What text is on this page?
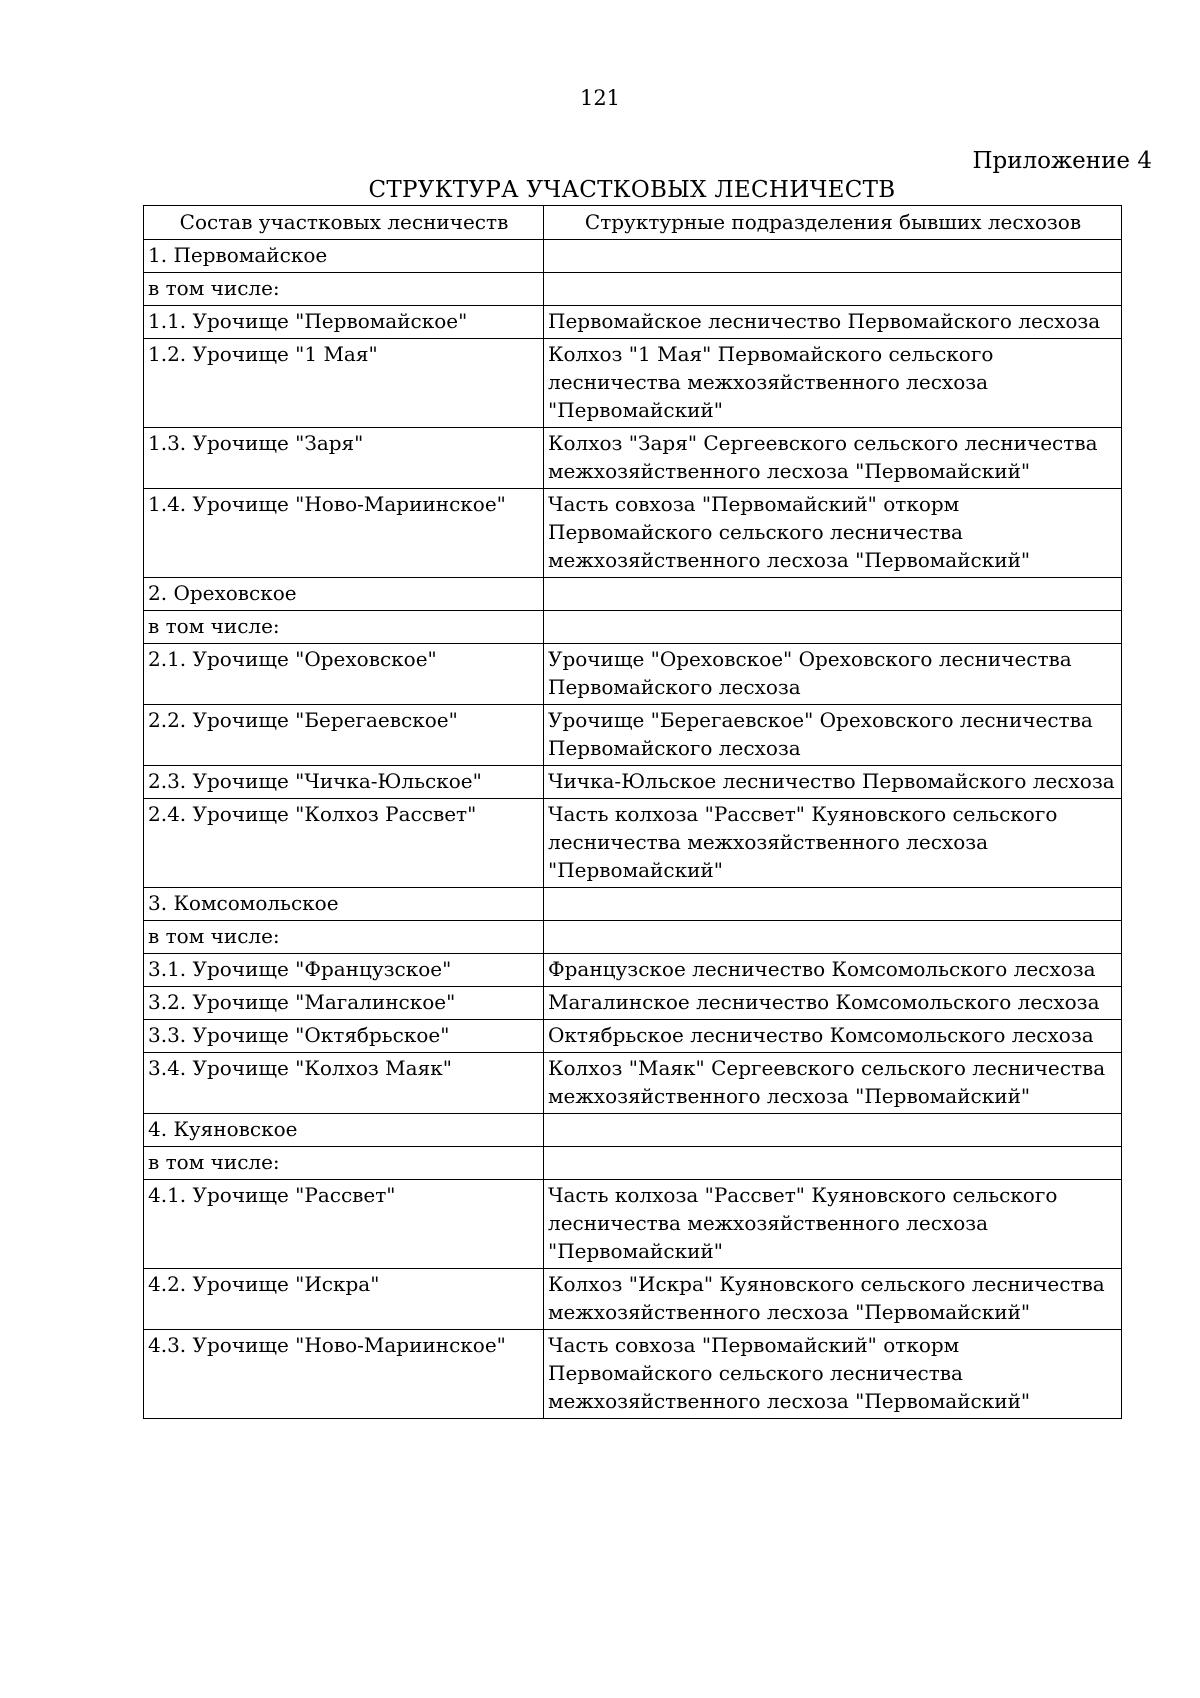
121
Приложение 4
СТРУКТУРА УЧАСТКОВЫХ ЛЕСНИЧЕСТВ
Состав участковых лесничеств	Структурные подразделения бывших лесхозов
1. Первомайское	
в том числе:	
1.1. Урочище "Первомайское"	Первомайское лесничество Первомайского лесхоза
1.2. Урочище "1 Мая"	Колхоз "1 Мая" Первомайского сельского лесничества межхозяйственного лесхоза "Первомайский"
1.3. Урочище "Заря"	Колхоз "Заря" Сергеевского сельского лесничества межхозяйственного лесхоза "Первомайский"
1.4. Урочище "Ново-Мариинское"	Часть совхоза "Первомайский" откорм Первомайского сельского лесничества межхозяйственного лесхоза "Первомайский"
2. Ореховское	
в том числе:	
2.1. Урочище "Ореховское"	Урочище "Ореховское" Ореховского лесничества Первомайского лесхоза
2.2. Урочище "Берегаевское"	Урочище "Берегаевское" Ореховского лесничества Первомайского лесхоза
2.3. Урочище "Чичка-Юльское"	Чичка-Юльское лесничество Первомайского лесхоза
2.4. Урочище "Колхоз Рассвет"	Часть колхоза "Рассвет" Куяновского сельского лесничества межхозяйственного лесхоза "Первомайский"
3. Комсомольское	
в том числе:	
3.1. Урочище "Французское"	Французское лесничество Комсомольского лесхоза
3.2. Урочище "Магалинское"	Магалинское лесничество Комсомольского лесхоза
3.3. Урочище "Октябрьское"	Октябрьское лесничество Комсомольского лесхоза
3.4. Урочище "Колхоз Маяк"	Колхоз "Маяк" Сергеевского сельского лесничества межхозяйственного лесхоза "Первомайский"
4. Куяновское	
в том числе:	
4.1. Урочище "Рассвет"	Часть колхоза "Рассвет" Куяновского сельского лесничества межхозяйственного лесхоза "Первомайский"
4.2. Урочище "Искра"	Колхоз "Искра" Куяновского сельского лесничества межхозяйственного лесхоза "Первомайский"
4.3. Урочище "Ново-Мариинское"	Часть совхоза "Первомайский" откорм Первомайского сельского лесничества межхозяйственного лесхоза "Первомайский"
